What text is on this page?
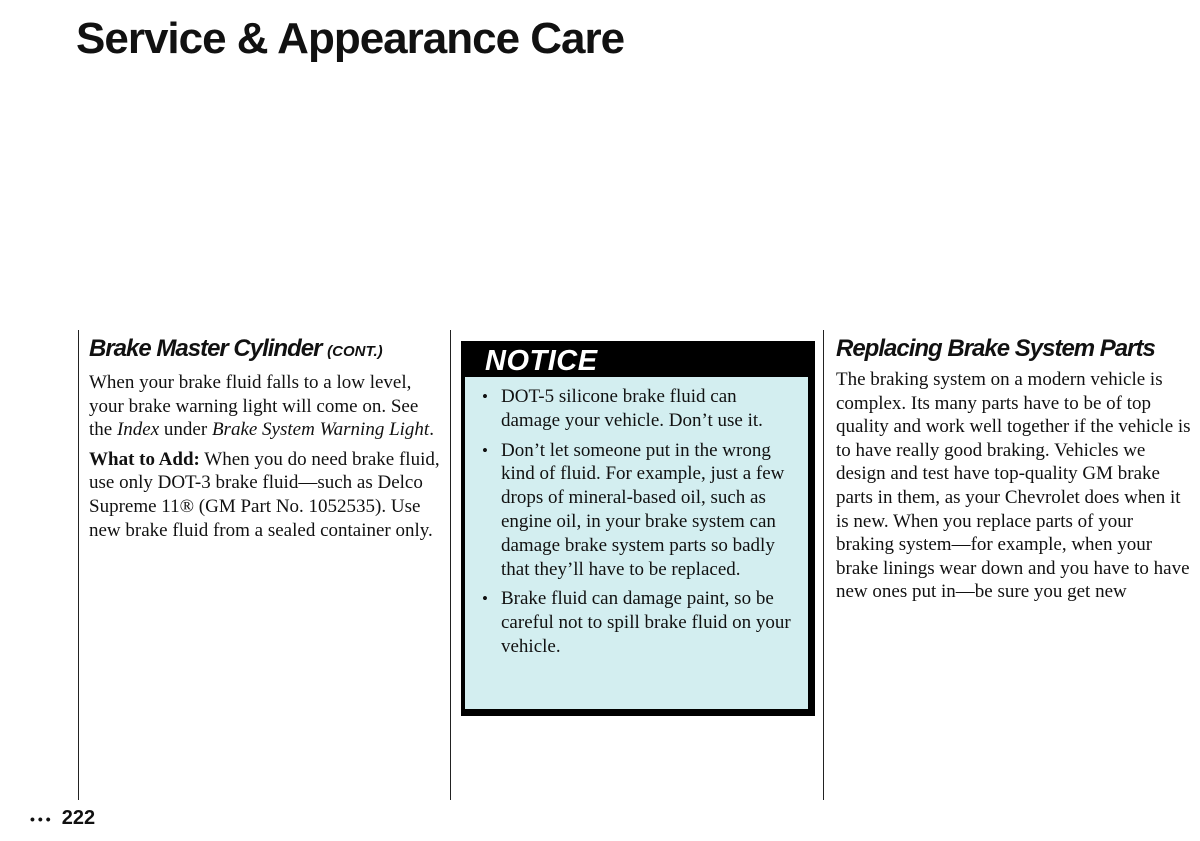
Service & Appearance Care
Brake Master Cylinder (CONT.)

When your brake fluid falls to a low level, your brake warning light will come on. See the Index under Brake System Warning Light.

What to Add: When you do need brake fluid, use only DOT-3 brake fluid—such as Delco Supreme 11® (GM Part No. 1052535). Use new brake fluid from a sealed container only.

NOTICE
• DOT-5 silicone brake fluid can damage your vehicle. Don’t use it.
• Don’t let someone put in the wrong kind of fluid. For example, just a few drops of mineral-based oil, such as engine oil, in your brake system can damage brake system parts so badly that they’ll have to be replaced.
• Brake fluid can damage paint, so be careful not to spill brake fluid on your vehicle.
Replacing Brake System Parts

The braking system on a modern vehicle is complex. Its many parts have to be of top quality and work well together if the vehicle is to have really good braking. Vehicles we design and test have top-quality GM brake parts in them, as your Chevrolet does when it is new. When you replace parts of your braking system—for example, when your brake linings wear down and you have to have new ones put in—be sure you get new

••• 222
